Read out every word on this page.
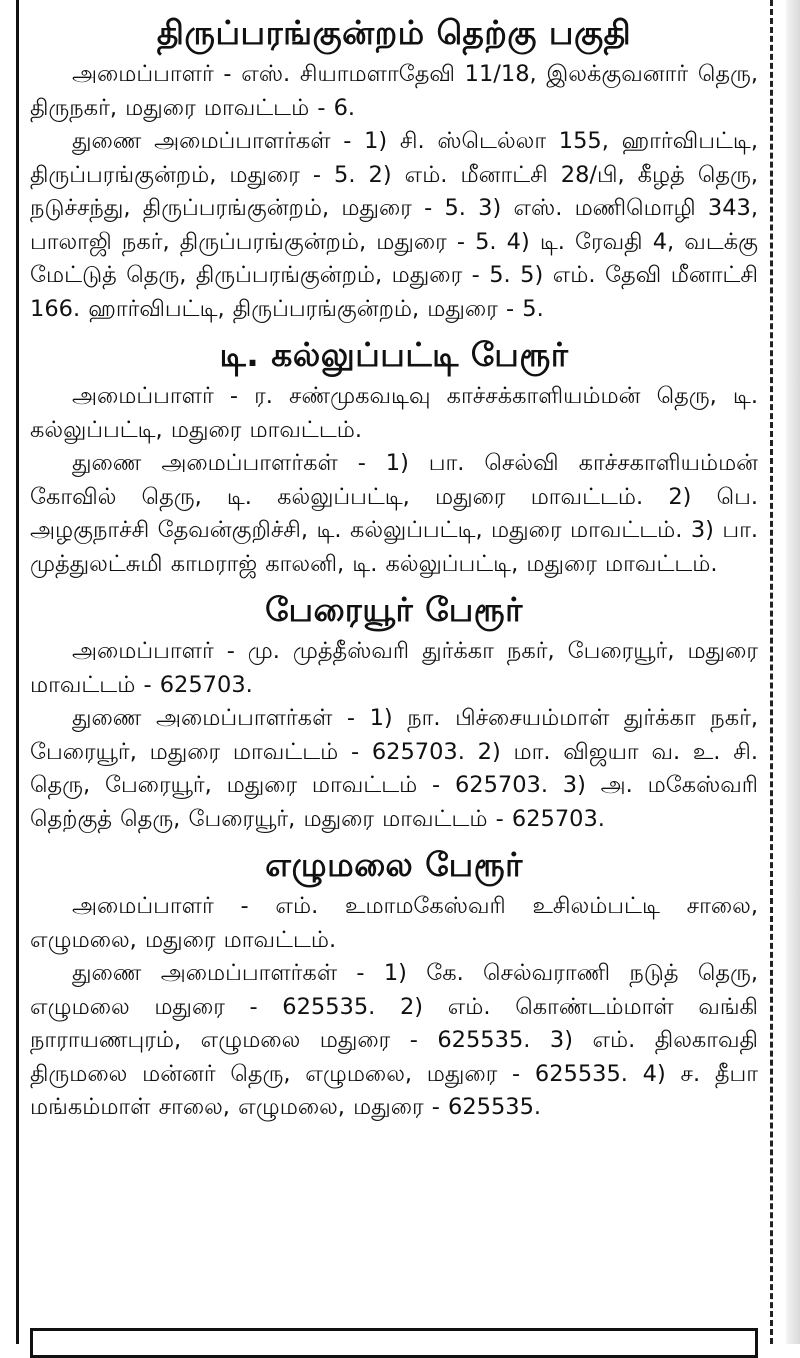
திருப்பரங்குன்றம் தெற்கு பகுதி

அமைப்பாளர் - எஸ். சியாமளாதேவி 11/18, இலக்குவனார் தெரு, திருநகர், மதுரை மாவட்டம் - 6.

துணை அமைப்பாளர்கள் - 1) சி. ஸ்டெல்லா 155, ஹார்விபட்டி, திருப்பரங்குன்றம், மதுரை - 5. 2) எம். மீனாட்சி 28/பி, கீழத் தெரு, நடுச்சந்து, திருப்பரங்குன்றம், மதுரை - 5. 3) எஸ். மணிமொழி 343, பாலாஜி நகர், திருப்பரங்குன்றம், மதுரை - 5. 4) டி. ரேவதி 4, வடக்கு மேட்டுத் தெரு, திருப்பரங்குன்றம், மதுரை - 5. 5) எம். தேவி மீனாட்சி 166. ஹார்விபட்டி, திருப்பரங்குன்றம், மதுரை - 5.

டி. கல்லுப்பட்டி பேரூர்

அமைப்பாளர் - ர. சண்முகவடிவு காச்சக்காளியம்மன் தெரு, டி. கல்லுப்பட்டி, மதுரை மாவட்டம்.

துணை அமைப்பாளர்கள் - 1) பா. செல்வி காச்சகாளியம்மன் கோவில் தெரு, டி. கல்லுப்பட்டி, மதுரை மாவட்டம். 2) பெ. அழகுநாச்சி தேவன்குறிச்சி, டி. கல்லுப்பட்டி, மதுரை மாவட்டம். 3) பா. முத்துலட்சுமி காமராஜ் காலனி, டி. கல்லுப்பட்டி, மதுரை மாவட்டம்.

பேரையூர் பேரூர்

அமைப்பாளர் - மு. முத்தீஸ்வரி துர்க்கா நகர், பேரையூர், மதுரை மாவட்டம் - 625703.

துணை அமைப்பாளர்கள் - 1) நா. பிச்சையம்மாள் துர்க்கா நகர், பேரையூர், மதுரை மாவட்டம் - 625703. 2) மா. விஜயா வ. உ. சி. தெரு, பேரையூர், மதுரை மாவட்டம் - 625703. 3) அ. மகேஸ்வரி தெற்குத் தெரு, பேரையூர், மதுரை மாவட்டம் - 625703.

எழுமலை பேரூர்

அமைப்பாளர் - எம். உமாமகேஸ்வரி உசிலம்பட்டி சாலை, எழுமலை, மதுரை மாவட்டம்.

துணை அமைப்பாளர்கள் - 1) கே. செல்வராணி நடுத் தெரு, எழுமலை மதுரை - 625535. 2) எம். கொண்டம்மாள் வங்கி நாராயணபுரம், எழுமலை மதுரை - 625535. 3) எம். திலகாவதி திருமலை மன்னர் தெரு, எழுமலை, மதுரை - 625535. 4) ச. தீபா மங்கம்மாள் சாலை, எழுமலை, மதுரை - 625535.
